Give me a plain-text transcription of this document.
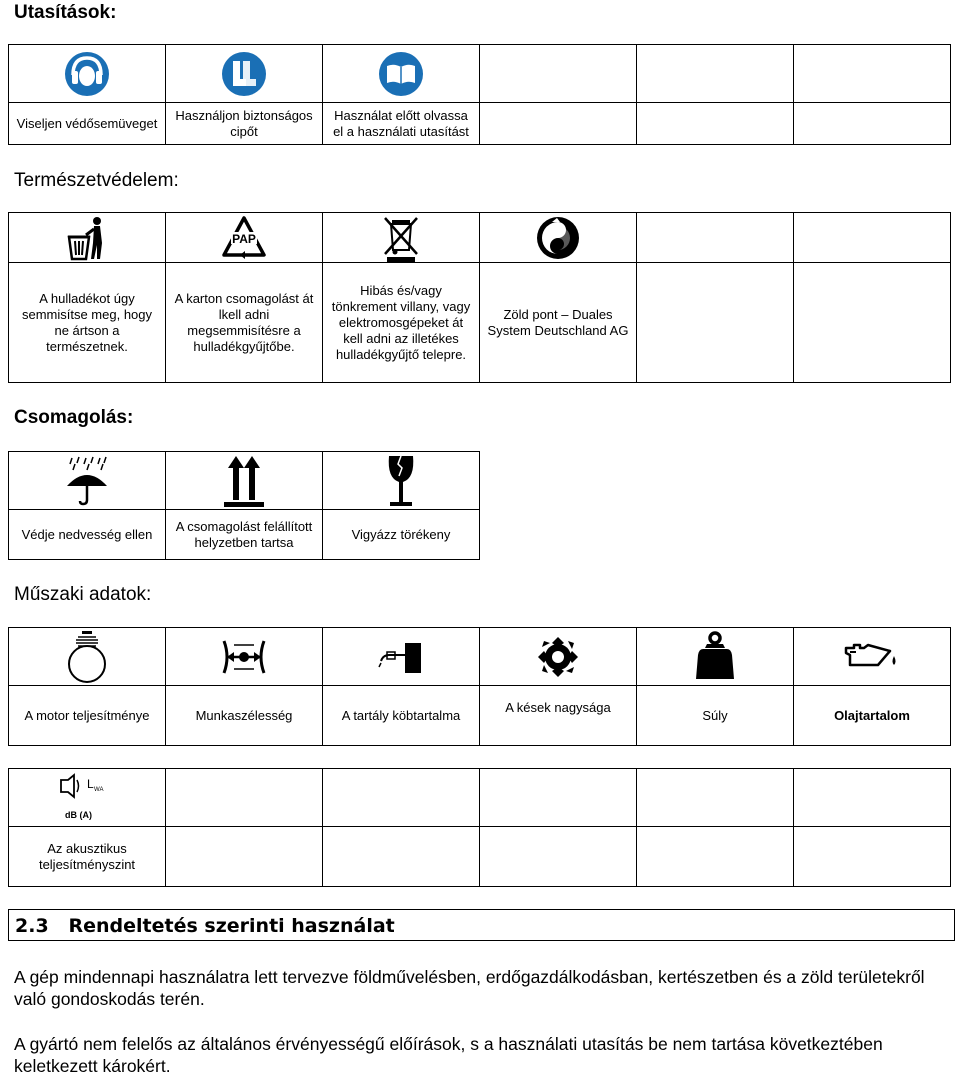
Utasítások:

Viseljen védősemüveget	Használjon biztonságos cipőt	Használat előtt olvassa el a használati utasítást			
Természetvédelem:

PAP

A hulladékot úgy semmisítse meg, hogy ne ártson a természetnek.	A karton csomagolást át lkell adni megsemmisítésre a hulladékgyűjtőbe.	Hibás és/vagy tönkrement villany, vagy elektromosgépeket át kell adni az illetékes hulladékgyűjtő telepre.	Zöld pont – Duales System Deutschland AG		
Csomagolás:

Védje nedvesség ellen	A csomagolást felállított helyzetben tartsa	Vigyázz törékeny
Műszaki adatok:

A motor teljesítménye	Munkaszélesség	A tartály köbtartalma	A kések nagysága	Súly	Olajtartalom
L WA
dB (A)					

Az akusztikus teljesítményszint					
2.3   Rendeltetés szerinti használat

A gép mindennapi használatra lett tervezve földművelésben, erdőgazdálkodásban, kertészetben és a zöld területekről való gondoskodás terén.

A gyártó nem felelős az általános érvényességű előírások, s a használati utasítás be nem tartása következtében keletkezett károkért.
